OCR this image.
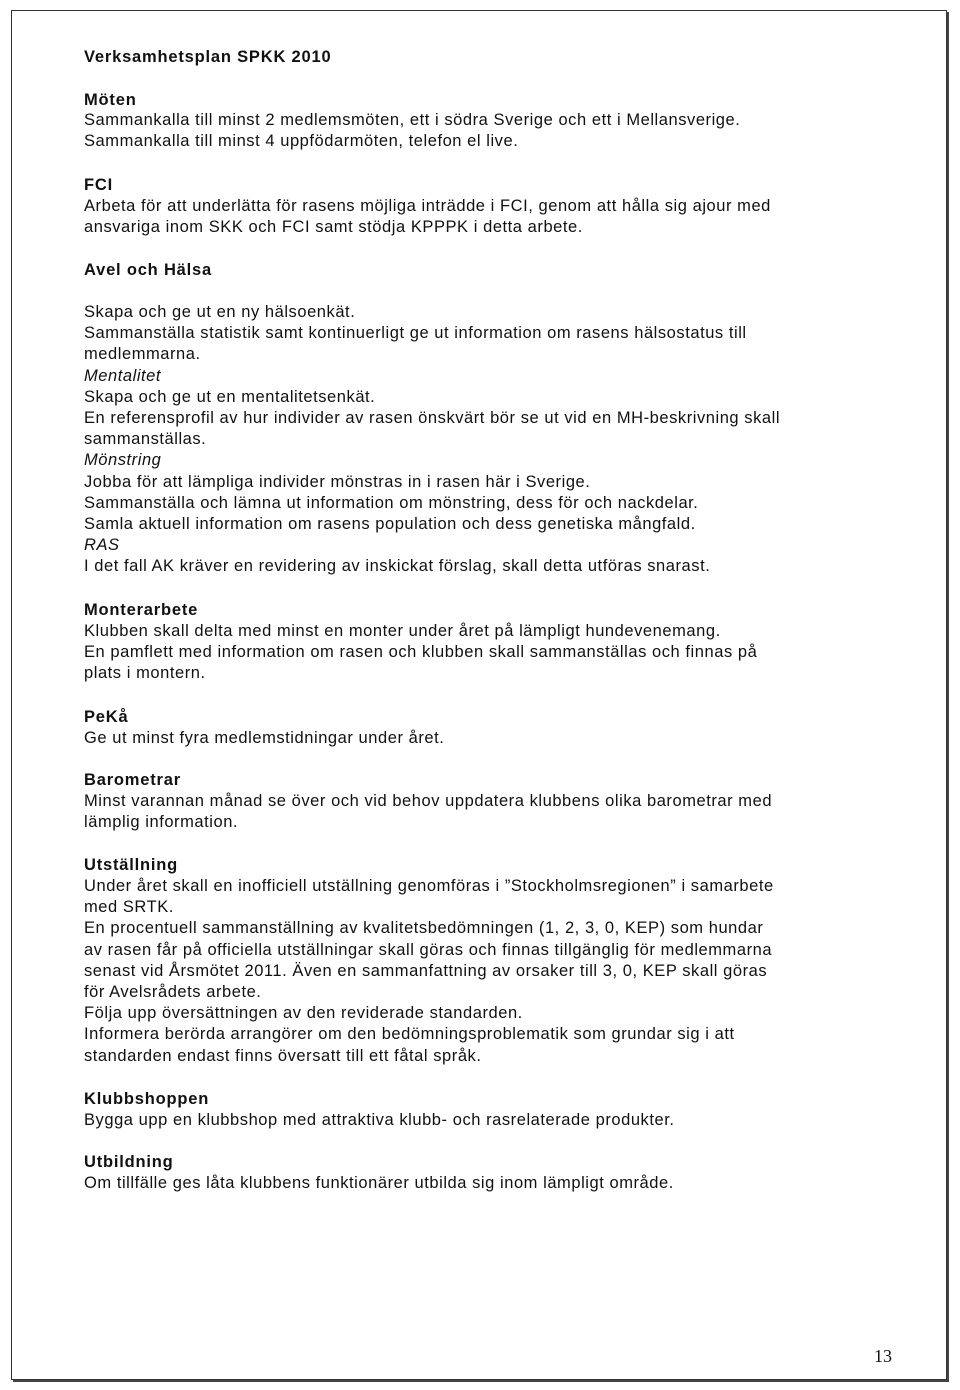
Verksamhetsplan SPKK 2010
Möten
Sammankalla till minst 2 medlemsmöten, ett i södra Sverige och ett i Mellansverige.
Sammankalla till minst 4 uppfödarmöten, telefon el live.
FCI
Arbeta för att underlätta för rasens möjliga inträdde i FCI, genom att hålla sig ajour med
ansvariga inom SKK och FCI samt stödja KPPPK i detta arbete.
Avel och Hälsa
Skapa och ge ut en ny hälsoenkät.
Sammanställa statistik samt kontinuerligt ge ut information om rasens hälsostatus till
medlemmarna.
Mentalitet
Skapa och ge ut en mentalitetsenkät.
En referensprofil av hur individer av rasen önskvärt bör se ut vid en MH-beskrivning skall
sammanställas.
Mönstring
Jobba för att lämpliga individer mönstras in i rasen här i Sverige.
Sammanställa och lämna ut information om mönstring, dess för och nackdelar.
Samla aktuell information om rasens population och dess genetiska mångfald.
RAS
I det fall AK kräver en revidering av inskickat förslag, skall detta utföras snarast.
Monterarbete
Klubben skall delta med minst en monter under året på lämpligt hundevenemang.
En pamflett med information om rasen och klubben skall sammanställas och finnas på
plats i montern.
PeKå
Ge ut minst fyra medlemstidningar under året.
Barometrar
Minst varannan månad se över och vid behov uppdatera klubbens olika barometrar med
lämplig information.
Utställning
Under året skall en inofficiell utställning genomföras i ”Stockholmsregionen” i samarbete
med SRTK.
En procentuell sammanställning av kvalitetsbedömningen (1, 2, 3, 0, KEP) som hundar
av rasen får på officiella utställningar skall göras och finnas tillgänglig för medlemmarna
senast vid Årsmötet 2011. Även en sammanfattning av orsaker till 3, 0, KEP skall göras
för Avelsrådets arbete.
Följa upp översättningen av den reviderade standarden.
Informera berörda arrangörer om den bedömningsproblematik som grundar sig i att
standarden endast finns översatt till ett fåtal språk.
Klubbshoppen
Bygga upp en klubbshop med attraktiva klubb- och rasrelaterade produkter.
Utbildning
Om tillfälle ges låta klubbens funktionärer utbilda sig inom lämpligt område.
13
